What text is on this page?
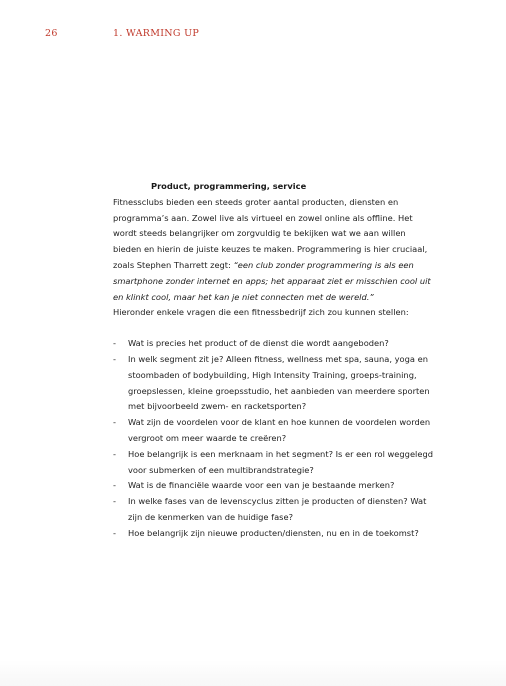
26	1. WARMING UP

Product, programmering, service

Fitnessclubs bieden een steeds groter aantal producten, diensten en programma’s aan. Zowel live als virtueel en zowel online als offline. Het wordt steeds belangrijker om zorgvuldig te bekijken wat we aan willen bieden en hierin de juiste keuzes te maken. Programmering is hier cruciaal, zoals Stephen Tharrett zegt: “een club zonder programmering is als een smartphone zonder internet en apps; het apparaat ziet er misschien cool uit en klinkt cool, maar het kan je niet connecten met de wereld.”

Hieronder enkele vragen die een fitnessbedrijf zich zou kunnen stellen:

- Wat is precies het product of de dienst die wordt aangeboden?
- In welk segment zit je? Alleen fitness, wellness met spa, sauna, yoga en stoombaden of bodybuilding, High Intensity Training, groeps-training, groepslessen, kleine groepsstudio, het aanbieden van meerdere sporten met bijvoorbeeld zwem- en racketsporten?
- Wat zijn de voordelen voor de klant en hoe kunnen de voordelen worden vergroot om meer waarde te creëren?
- Hoe belangrijk is een merknaam in het segment? Is er een rol weggelegd voor submerken of een multibrandstrategie?
- Wat is de financiële waarde voor een van je bestaande merken?
- In welke fases van de levenscyclus zitten je producten of diensten? Wat zijn de kenmerken van de huidige fase?
- Hoe belangrijk zijn nieuwe producten/diensten, nu en in de toekomst?
